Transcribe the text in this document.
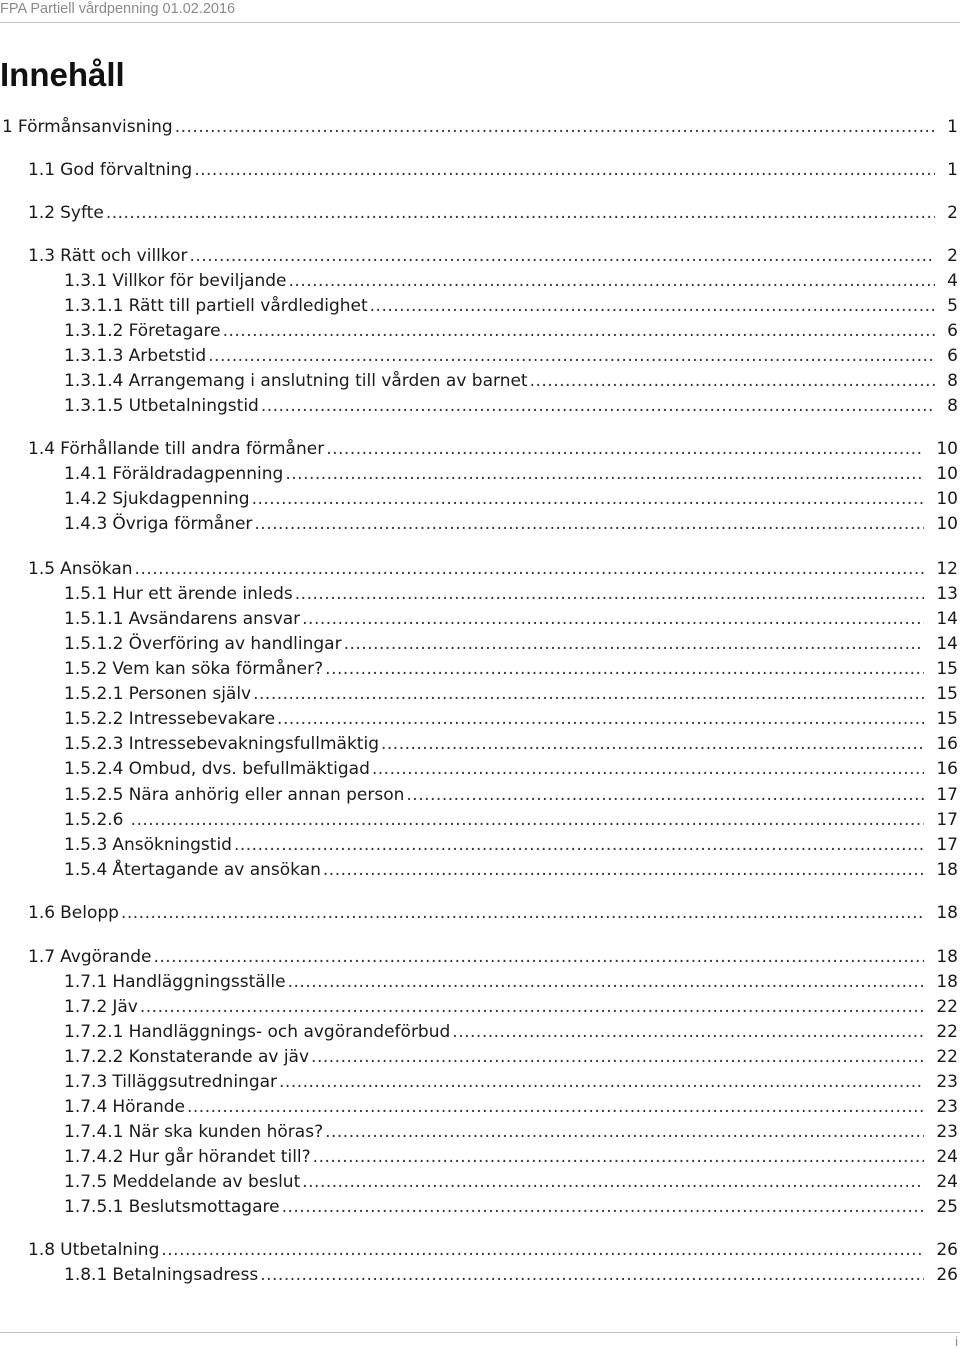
FPA Partiell vårdpenning 01.02.2016
Innehåll
1 Förmånsanvisning .....	1
1.1 God förvaltning .....	1
1.2 Syfte .....	2
1.3 Rätt och villkor .....	2
1.3.1 Villkor för beviljande .....	4
1.3.1.1 Rätt till partiell vårdledighet .....	5
1.3.1.2 Företagare .....	6
1.3.1.3 Arbetstid .....	6
1.3.1.4 Arrangemang i anslutning till vården av barnet .....	8
1.3.1.5 Utbetalningstid .....	8
1.4 Förhållande till andra förmåner .....	10
1.4.1 Föräldradagpenning .....	10
1.4.2 Sjukdagpenning .....	10
1.4.3 Övriga förmåner .....	10
1.5 Ansökan .....	12
1.5.1 Hur ett ärende inleds .....	13
1.5.1.1 Avsändarens ansvar .....	14
1.5.1.2 Överföring av handlingar .....	14
1.5.2 Vem kan söka förmåner? .....	15
1.5.2.1 Personen själv .....	15
1.5.2.2 Intressebevakare .....	15
1.5.2.3 Intressebevakningsfullmäktig .....	16
1.5.2.4 Ombud, dvs. befullmäktigad .....	16
1.5.2.5 Nära anhörig eller annan person .....	17
1.5.2.6 .....	17
1.5.3 Ansökningstid .....	17
1.5.4 Återtagande av ansökan .....	18
1.6 Belopp .....	18
1.7 Avgörande .....	18
1.7.1 Handläggningsställe .....	18
1.7.2 Jäv .....	22
1.7.2.1 Handläggnings- och avgörandeförbud .....	22
1.7.2.2 Konstaterande av jäv .....	22
1.7.3 Tilläggsutredningar .....	23
1.7.4 Hörande .....	23
1.7.4.1 När ska kunden höras? .....	23
1.7.4.2 Hur går hörandet till? .....	24
1.7.5 Meddelande av beslut .....	24
1.7.5.1 Beslutsmottagare .....	25
1.8 Utbetalning .....	26
1.8.1 Betalningsadress .....	26
i
